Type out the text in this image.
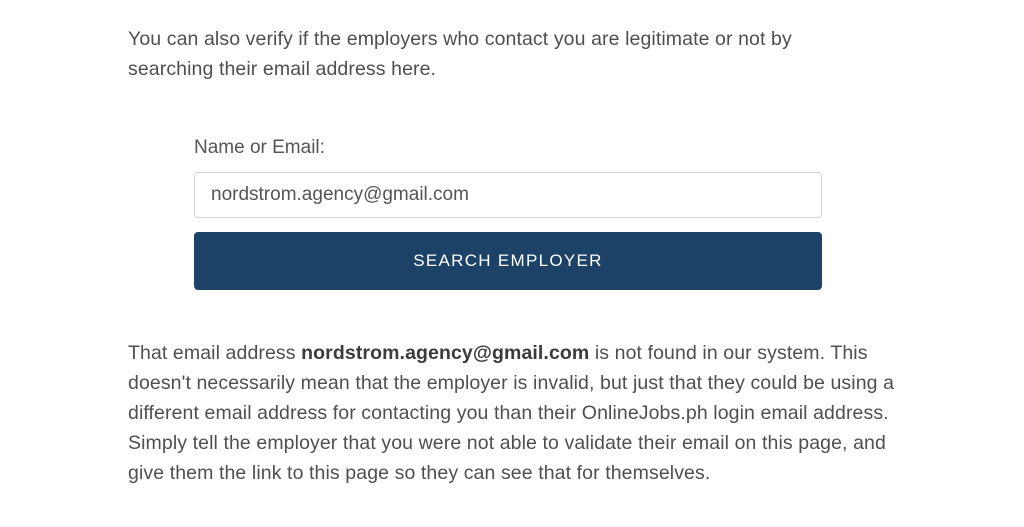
You can also verify if the employers who contact you are legitimate or not by searching their email address here.

Name or Email:
nordstrom.agency@gmail.com
SEARCH EMPLOYER

That email address nordstrom.agency@gmail.com is not found in our system. This doesn't necessarily mean that the employer is invalid, but just that they could be using a different email address for contacting you than their OnlineJobs.ph login email address. Simply tell the employer that you were not able to validate their email on this page, and give them the link to this page so they can see that for themselves.
